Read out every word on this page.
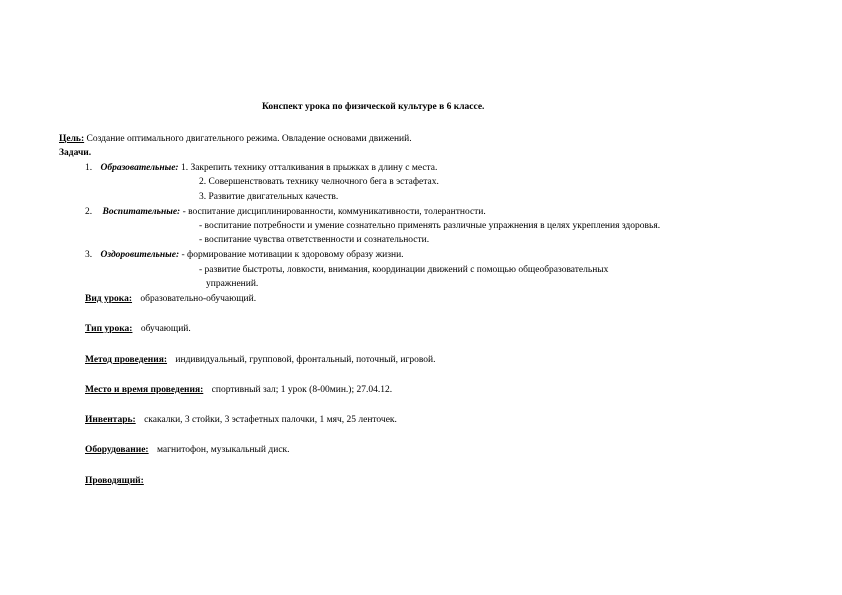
Конспект урока по физической культуре в 6 классе.
Цель: Создание оптимального двигательного режима. Овладение основами движений.
Задачи.
1. Образовательные: 1. Закрепить технику отталкивания в прыжках в длину с места.
2. Совершенствовать технику челночного бега в эстафетах.
3. Развитие двигательных качеств.
2. Воспитательные: - воспитание дисциплинированности, коммуникативности, толерантности.
- воспитание потребности и умение сознательно применять различные упражнения в целях укрепления здоровья.
- воспитание чувства ответственности и сознательности.
3. Оздоровительные: - формирование мотивации к здоровому образу жизни.
- развитие быстроты, ловкости, внимания, координации движений с помощью общеобразовательных
упражнений.
Вид урока: образовательно-обучающий.
Тип урока: обучающий.
Метод проведения: индивидуальный, групповой, фронтальный, поточный, игровой.
Место и время проведения: спортивный зал; 1 урок (8-00мин.); 27.04.12.
Инвентарь: скакалки, 3 стойки, 3 эстафетных палочки, 1 мяч, 25 ленточек.
Оборудование: магнитофон, музыкальный диск.
Проводящий:
